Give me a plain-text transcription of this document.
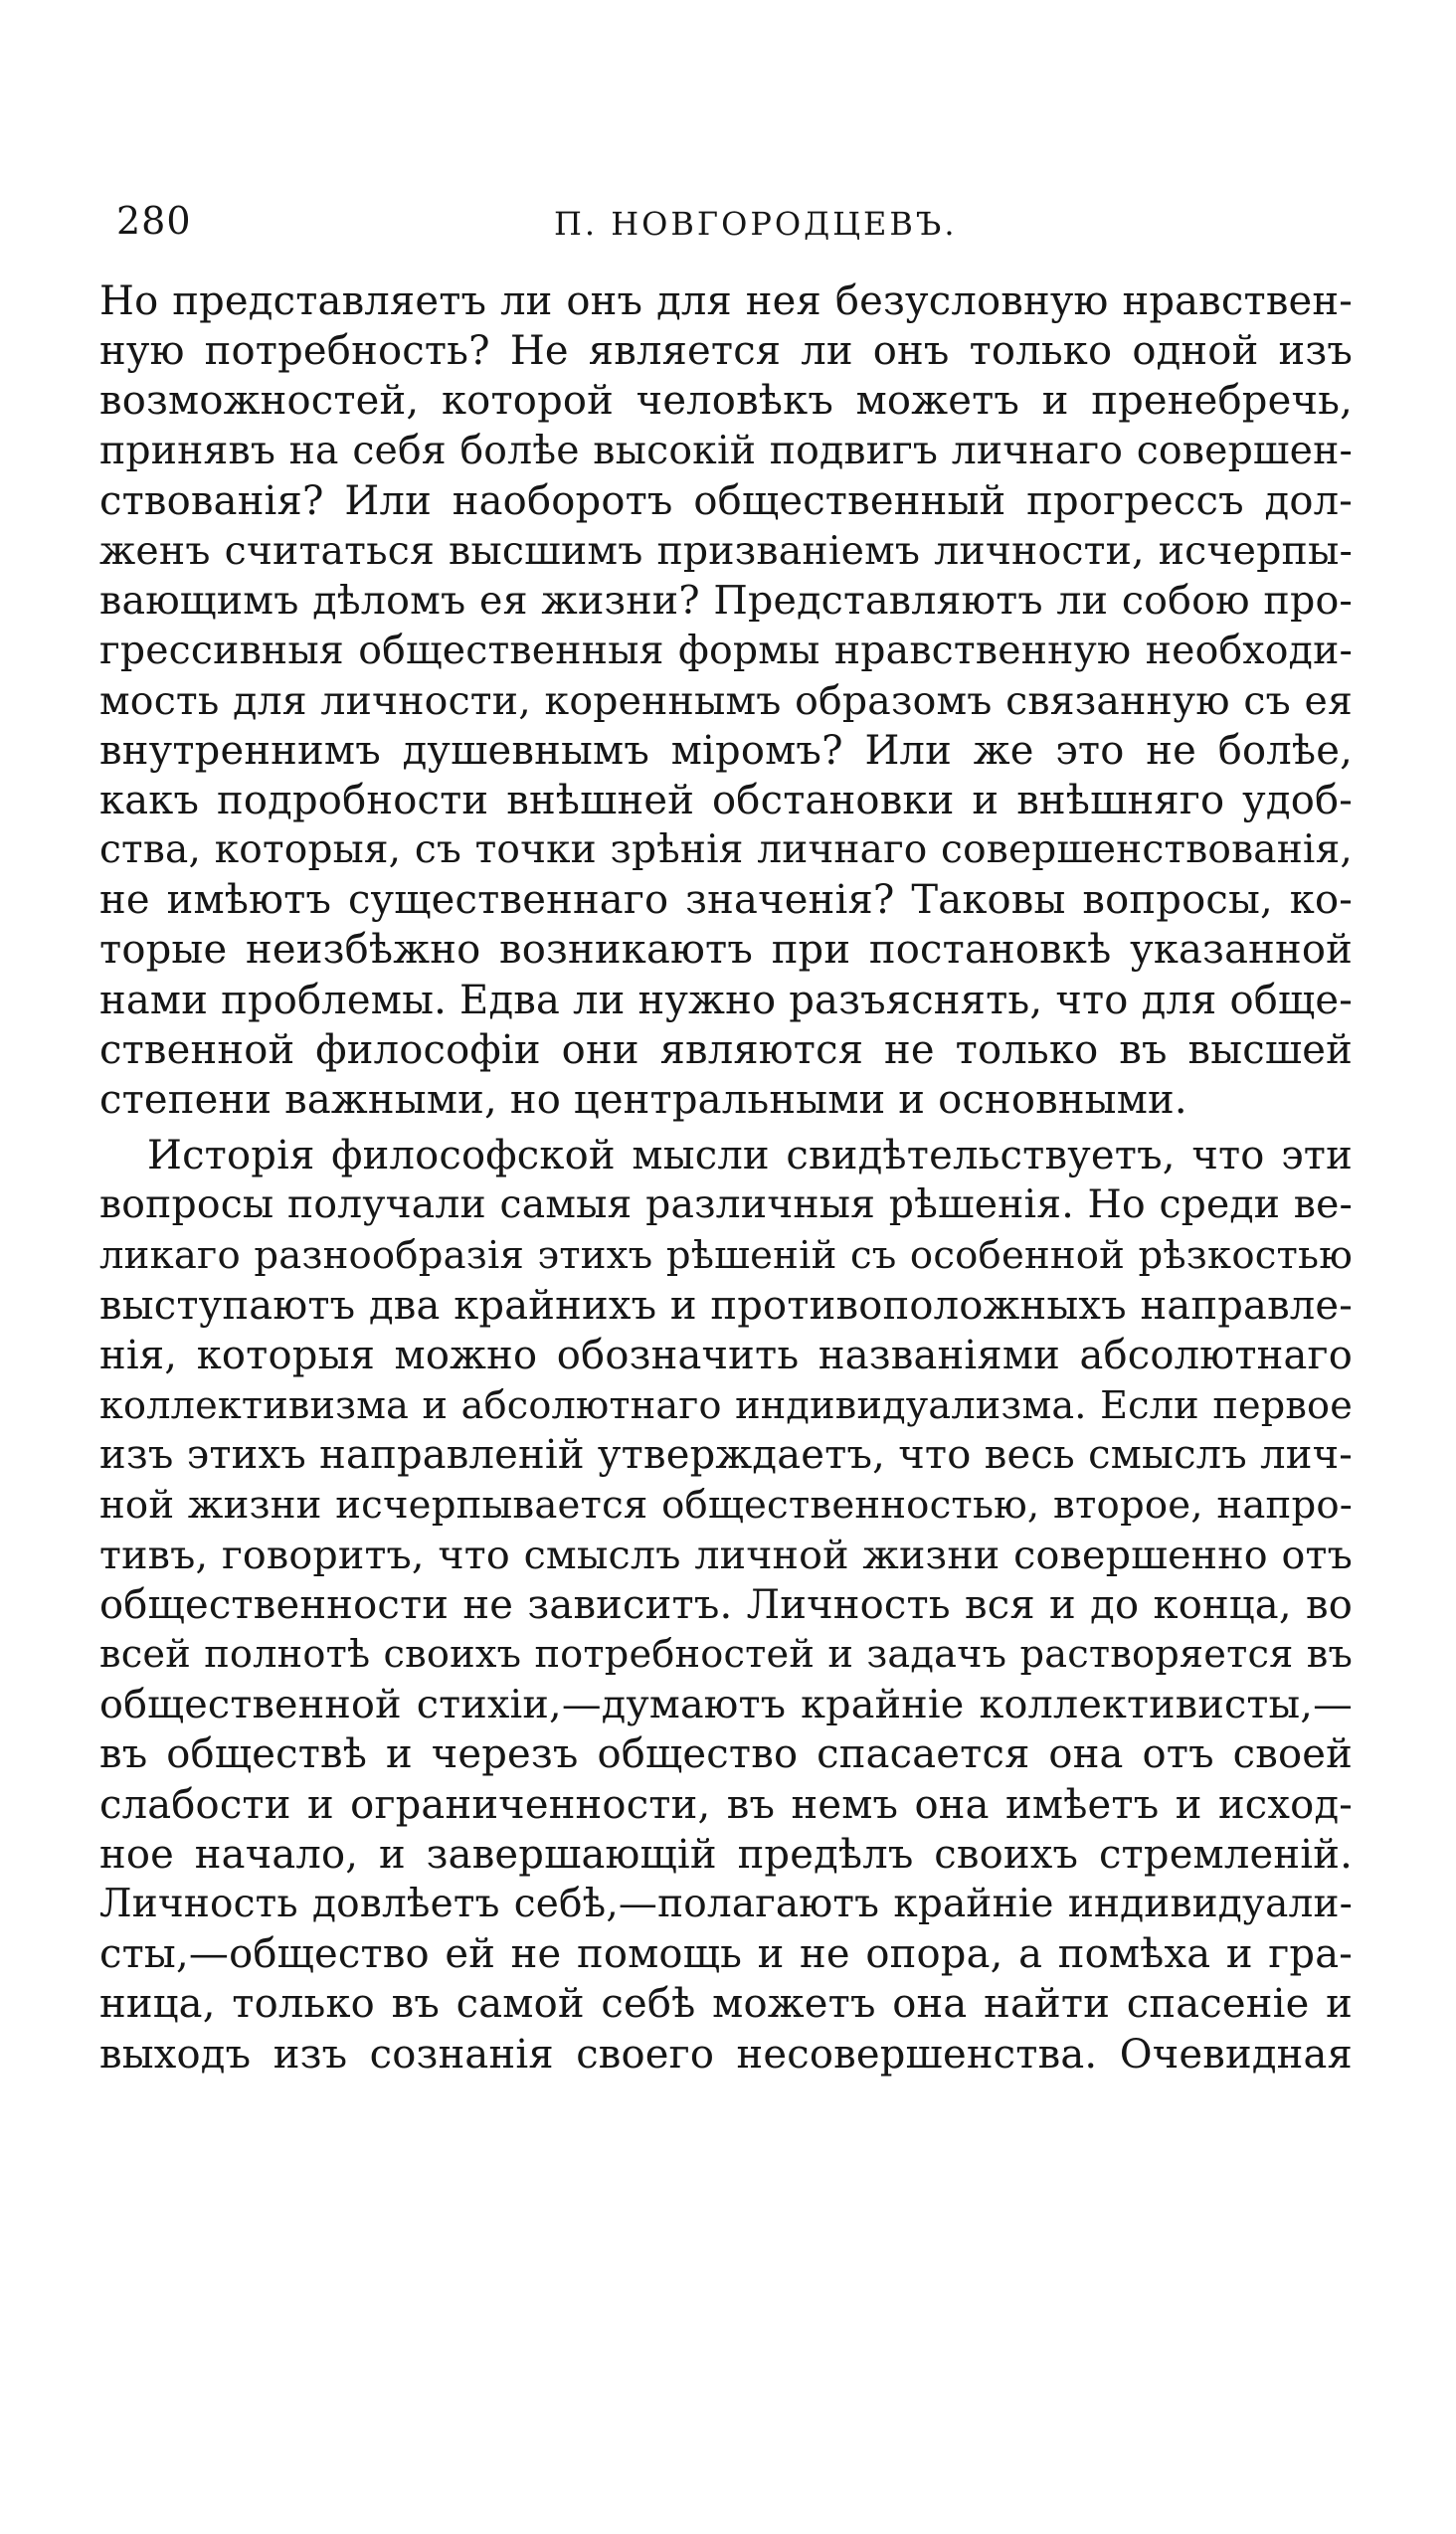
280	П. НОВГОРОДЦЕВЪ.
Но представляетъ ли онъ для нея безусловную нравствен-
ную потребность? Не является ли онъ только одной изъ
возможностей, которой человѣкъ можетъ и пренебречь,
принявъ на себя болѣе высокій подвигъ личнаго совершен-
ствованія? Или наоборотъ общественный прогрессъ дол-
женъ считаться высшимъ призваніемъ личности, исчерпы-
вающимъ дѣломъ ея жизни? Представляютъ ли собою про-
грессивныя общественныя формы нравственную необходи-
мость для личности, кореннымъ образомъ связанную съ ея
внутреннимъ душевнымъ міромъ? Или же это не болѣе,
какъ подробности внѣшней обстановки и внѣшняго удоб-
ства, которыя, съ точки зрѣнія личнаго совершенствованія,
не имѣютъ существеннаго значенія? Таковы вопросы, ко-
торые неизбѣжно возникаютъ при постановкѣ указанной
нами проблемы. Едва ли нужно разъяснять, что для обще-
ственной философіи они являются не только въ высшей
степени важными, но центральными и основными.
Исторія философской мысли свидѣтельствуетъ, что эти
вопросы получали самыя различныя рѣшенія. Но среди ве-
ликаго разнообразія этихъ рѣшеній съ особенной рѣзкостью
выступаютъ два крайнихъ и противоположныхъ направле-
нія, которыя можно обозначить названіями абсолютнаго
коллективизма и абсолютнаго индивидуализма. Если первое
изъ этихъ направленій утверждаетъ, что весь смыслъ лич-
ной жизни исчерпывается общественностью, второе, напро-
тивъ, говоритъ, что смыслъ личной жизни совершенно отъ
общественности не зависитъ. Личность вся и до конца, во
всей полнотѣ своихъ потребностей и задачъ растворяется въ
общественной стихіи,—думаютъ крайніе коллективисты,—
въ обществѣ и черезъ общество спасается она отъ своей
слабости и ограниченности, въ немъ она имѣетъ и исход-
ное начало, и завершающій предѣлъ своихъ стремленій.
Личность довлѣетъ себѣ,—полагаютъ крайніе индивидуали-
сты,—общество ей не помощь и не опора, а помѣха и гра-
ница, только въ самой себѣ можетъ она найти спасеніе и
выходъ изъ сознанія своего несовершенства. Очевидная
